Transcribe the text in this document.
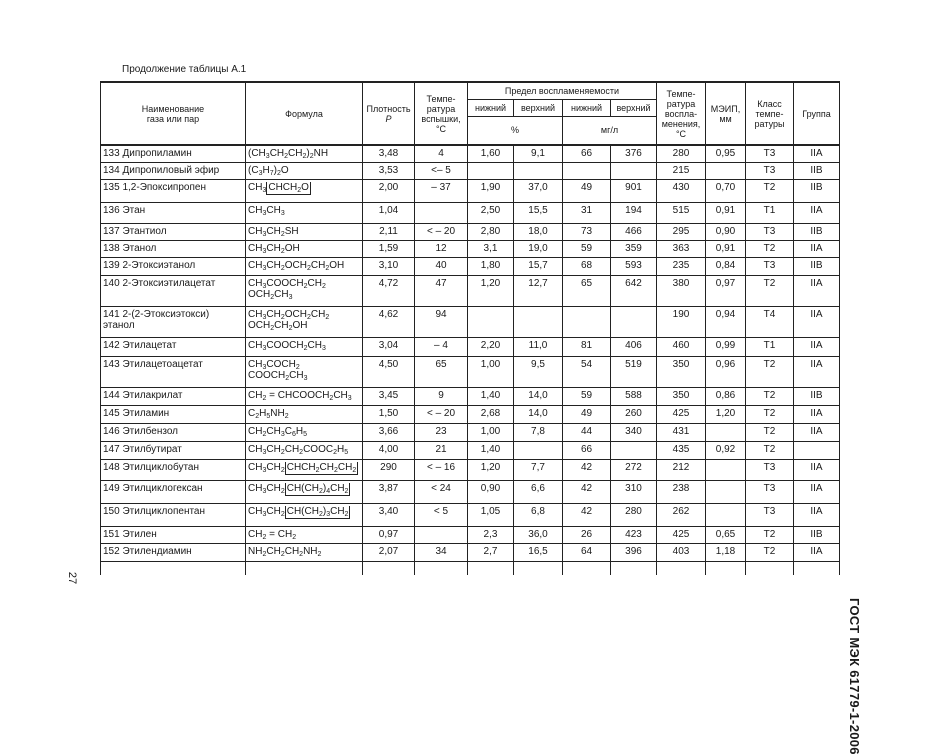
Продолжение таблицы А.1
Наименование газа или пар	Формула	Плотность
P	Темпе-ратура вспышки, °С	Предел воспламеняемости				Темпе-ратура воспла-менения, °С	МЭИП, мм	Класс темпе-ратуры	Группа
				нижний	верхний	нижний	верхний				
				%		мг/л					
133 Дипропиламин	$(CH_3CH_2CH_2)_2NH$	3,48	4	1,60	9,1	66	376	280	0,95	T3	IIA
134 Дипропиловый эфир	$(C_3H_7)_2O$	3,53	<– 5					215		T3	IIB
135 1,2-Эпоксипропен	$CH_3$ $CHCH_2O$	2,00	– 37	1,90	37,0	49	901	430	0,70	T2	IIB
136 Этан	$CH_3CH_3$	1,04		2,50	15,5	31	194	515	0,91	T1	IIA
137 Этантиол	$CH_3CH_2SH$	2,11	< – 20	2,80	18,0	73	466	295	0,90	T3	IIB
138 Этанол	$CH_3CH_2OH$	1,59	12	3,1	19,0	59	359	363	0,91	T2	IIA
139 2-Этоксиэтанол	$CH_3CH_2OCH_2CH_2OH$	3,10	40	1,80	15,7	68	593	235	0,84	T3	IIB
140 2-Этоксиэтилацетат	$CH_3COOCH_2CH_2$
$OCH_2CH_3$	4,72	47	1,20	12,7	65	642	380	0,97	T2	IIA
141 2-(2-Этоксиэтокси)
этанол	$CH_3CH_2OCH_2CH_2$
$OCH_2CH_2OH$	4,62	94					190	0,94	T4	IIA
142 Этилацетат	$CH_3COOCH_2CH_3$	3,04	– 4	2,20	11,0	81	406	460	0,99	T1	IIA
143 Этилацетоацетат	$CH_3COCH_2$
$COOCH_2CH_3$	4,50	65	1,00	9,5	54	519	350	0,96	T2	IIA
144 Этилакрилат	$CH_2$ = $CHCOOCH_2CH_3$	3,45	9	1,40	14,0	59	588	350	0,86	T2	IIB
145 Этиламин	$C_2H_5NH_2$	1,50	< – 20	2,68	14,0	49	260	425	1,20	T2	IIA
146 Этилбензол	$CH_2CH_3C_6H_5$	3,66	23	1,00	7,8	44	340	431		T2	IIA
147 Этилбутират	$CH_3CH_2CH_2COOC_2H_5$	4,00	21	1,40		66		435	0,92	T2	
148 Этилциклобутан	$CH_3CH_2$ $CHCH_2CH_2CH_2$	290	< – 16	1,20	7,7	42	272	212		T3	IIA
149 Этилциклогексан	$CH_3CH_2$ $CH(CH_2)_4CH_2$	3,87	< 24	0,90	6,6	42	310	238		T3	IIA
150 Этилциклопентан	$CH_3CH_2$ $CH(CH_2)_3CH_2$	3,40	< 5	1,05	6,8	42	280	262		T3	IIA
151 Этилен	$CH_2 = CH_2$	0,97		2,3	36,0	26	423	425	0,65	T2	IIB
152 Этилендиамин	$NH_2CH_2CH_2NH_2$	2,07	34	2,7	16,5	64	396	403	1,18	T2	IIA

27
ГОСТ МЭК 61779-1-2006
